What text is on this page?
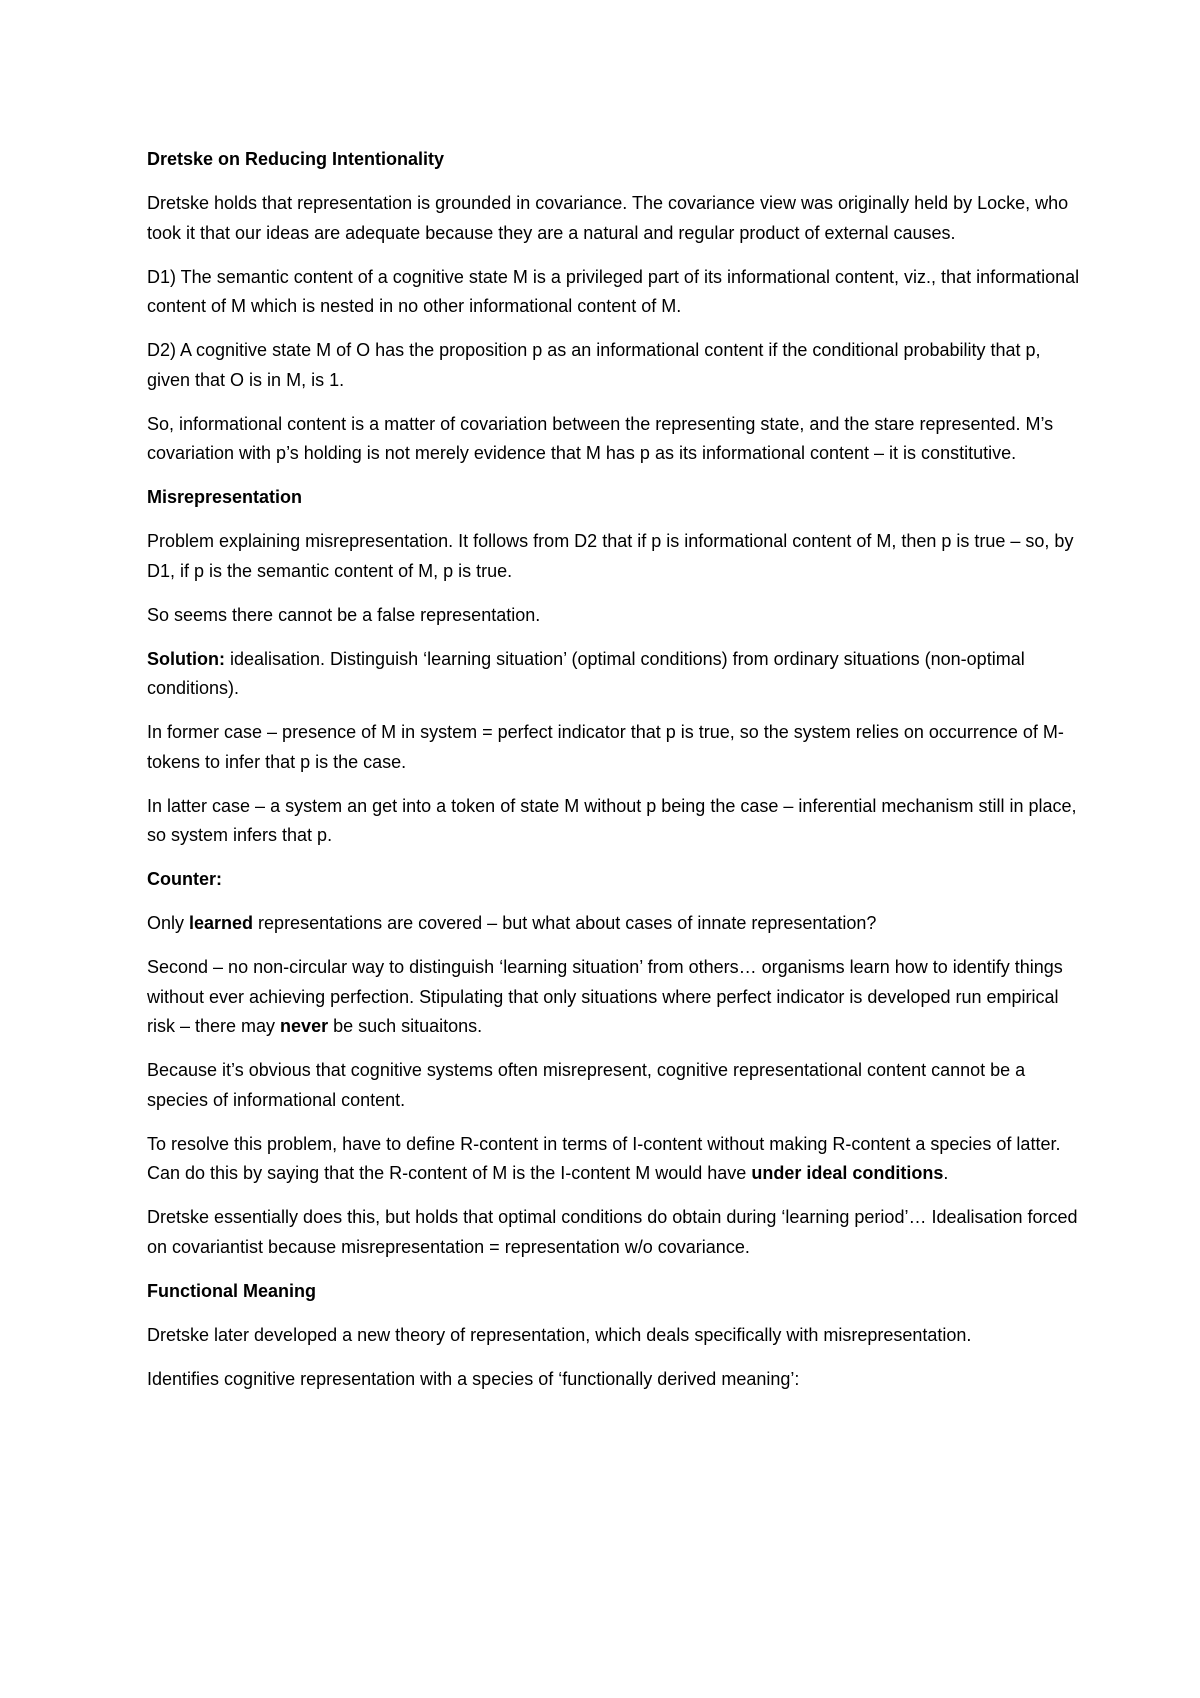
Dretske on Reducing Intentionality

Dretske holds that representation is grounded in covariance. The covariance view was originally held by Locke, who took it that our ideas are adequate because they are a natural and regular product of external causes.

D1) The semantic content of a cognitive state M is a privileged part of its informational content, viz., that informational content of M which is nested in no other informational content of M.

D2) A cognitive state M of O has the proposition p as an informational content if the conditional probability that p, given that O is in M, is 1.

So, informational content is a matter of covariation between the representing state, and the stare represented. M’s covariation with p’s holding is not merely evidence that M has p as its informational content – it is constitutive.

Misrepresentation

Problem explaining misrepresentation. It follows from D2 that if p is informational content of M, then p is true – so, by D1, if p is the semantic content of M, p is true.

So seems there cannot be a false representation.

Solution: idealisation. Distinguish ‘learning situation’ (optimal conditions) from ordinary situations (non-optimal conditions).

In former case – presence of M in system = perfect indicator that p is true, so the system relies on occurrence of M-tokens to infer that p is the case.

In latter case – a system an get into a token of state M without p being the case – inferential mechanism still in place, so system infers that p.

Counter:

Only learned representations are covered – but what about cases of innate representation?

Second – no non-circular way to distinguish ‘learning situation’ from others… organisms learn how to identify things without ever achieving perfection. Stipulating that only situations where perfect indicator is developed run empirical risk – there may never be such situaitons.

Because it’s obvious that cognitive systems often misrepresent, cognitive representational content cannot be a species of informational content.

To resolve this problem, have to define R-content in terms of I-content without making R-content a species of latter. Can do this by saying that the R-content of M is the I-content M would have under ideal conditions.

Dretske essentially does this, but holds that optimal conditions do obtain during ‘learning period’… Idealisation forced on covariantist because misrepresentation = representation w/o covariance.

Functional Meaning

Dretske later developed a new theory of representation, which deals specifically with misrepresentation.

Identifies cognitive representation with a species of ‘functionally derived meaning’:
